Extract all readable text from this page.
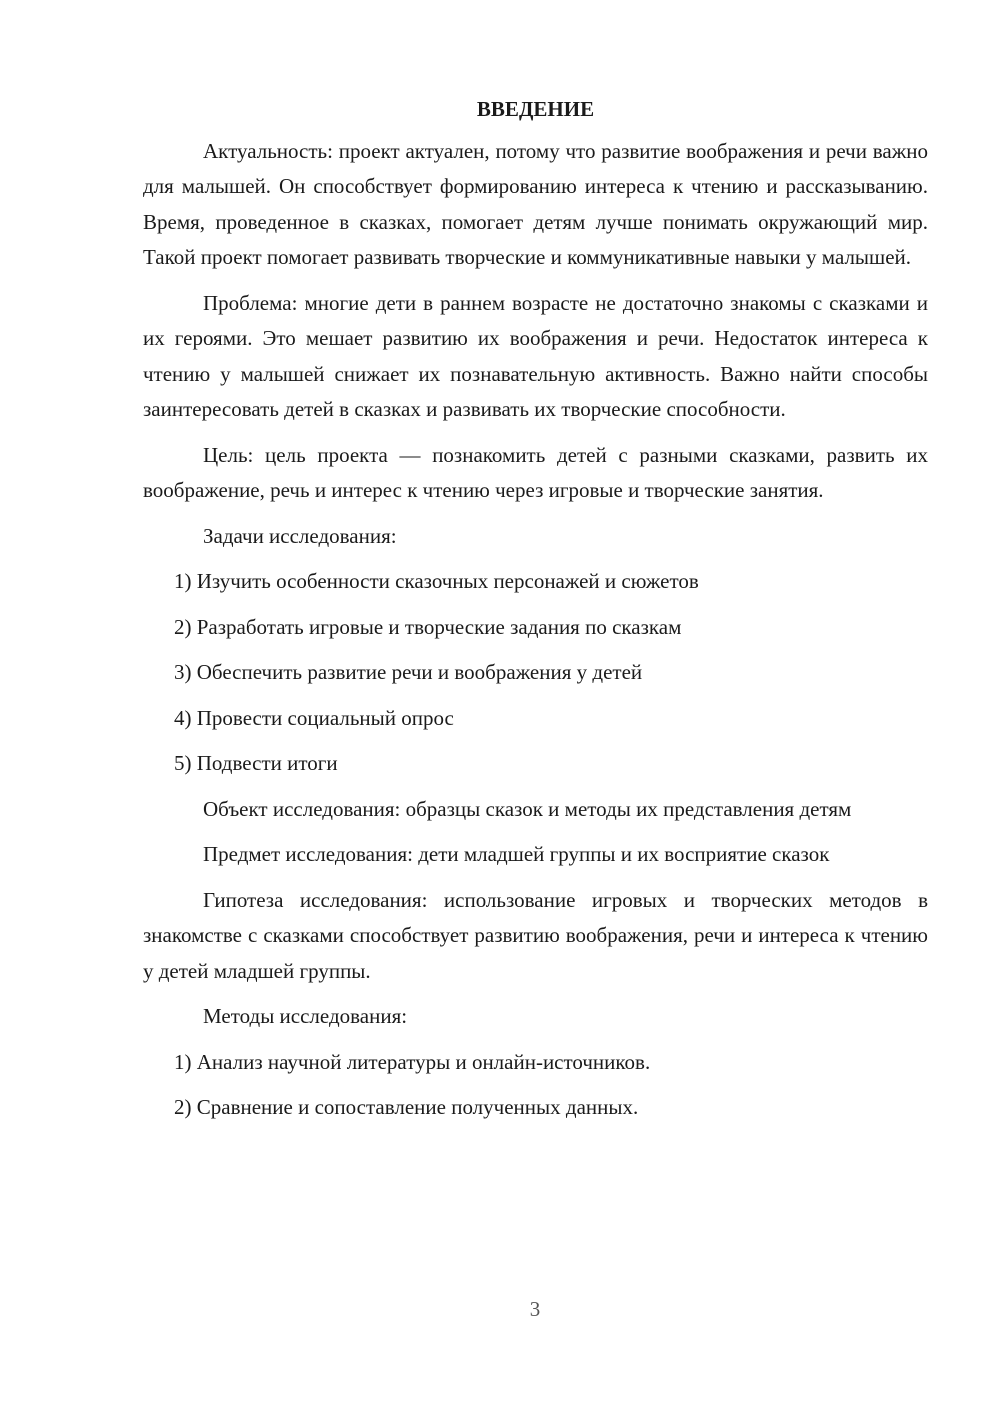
ВВЕДЕНИЕ

Актуальность: проект актуален, потому что развитие воображения и речи важно для малышей. Он способствует формированию интереса к чтению и рассказыванию. Время, проведенное в сказках, помогает детям лучше понимать окружающий мир. Такой проект помогает развивать творческие и коммуникативные навыки у малышей.

Проблема: многие дети в раннем возрасте не достаточно знакомы с сказками и их героями. Это мешает развитию их воображения и речи. Недостаток интереса к чтению у малышей снижает их познавательную активность. Важно найти способы заинтересовать детей в сказках и развивать их творческие способности.

Цель: цель проекта — познакомить детей с разными сказками, развить их воображение, речь и интерес к чтению через игровые и творческие занятия.

Задачи исследования:

1) Изучить особенности сказочных персонажей и сюжетов
2) Разработать игровые и творческие задания по сказкам
3) Обеспечить развитие речи и воображения у детей
4) Провести социальный опрос
5) Подвести итоги

Объект исследования: образцы сказок и методы их представления детям

Предмет исследования: дети младшей группы и их восприятие сказок

Гипотеза исследования: использование игровых и творческих методов в знакомстве с сказками способствует развитию воображения, речи и интереса к чтению у детей младшей группы.

Методы исследования:

1) Анализ научной литературы и онлайн-источников.
2) Сравнение и сопоставление полученных данных.
3
